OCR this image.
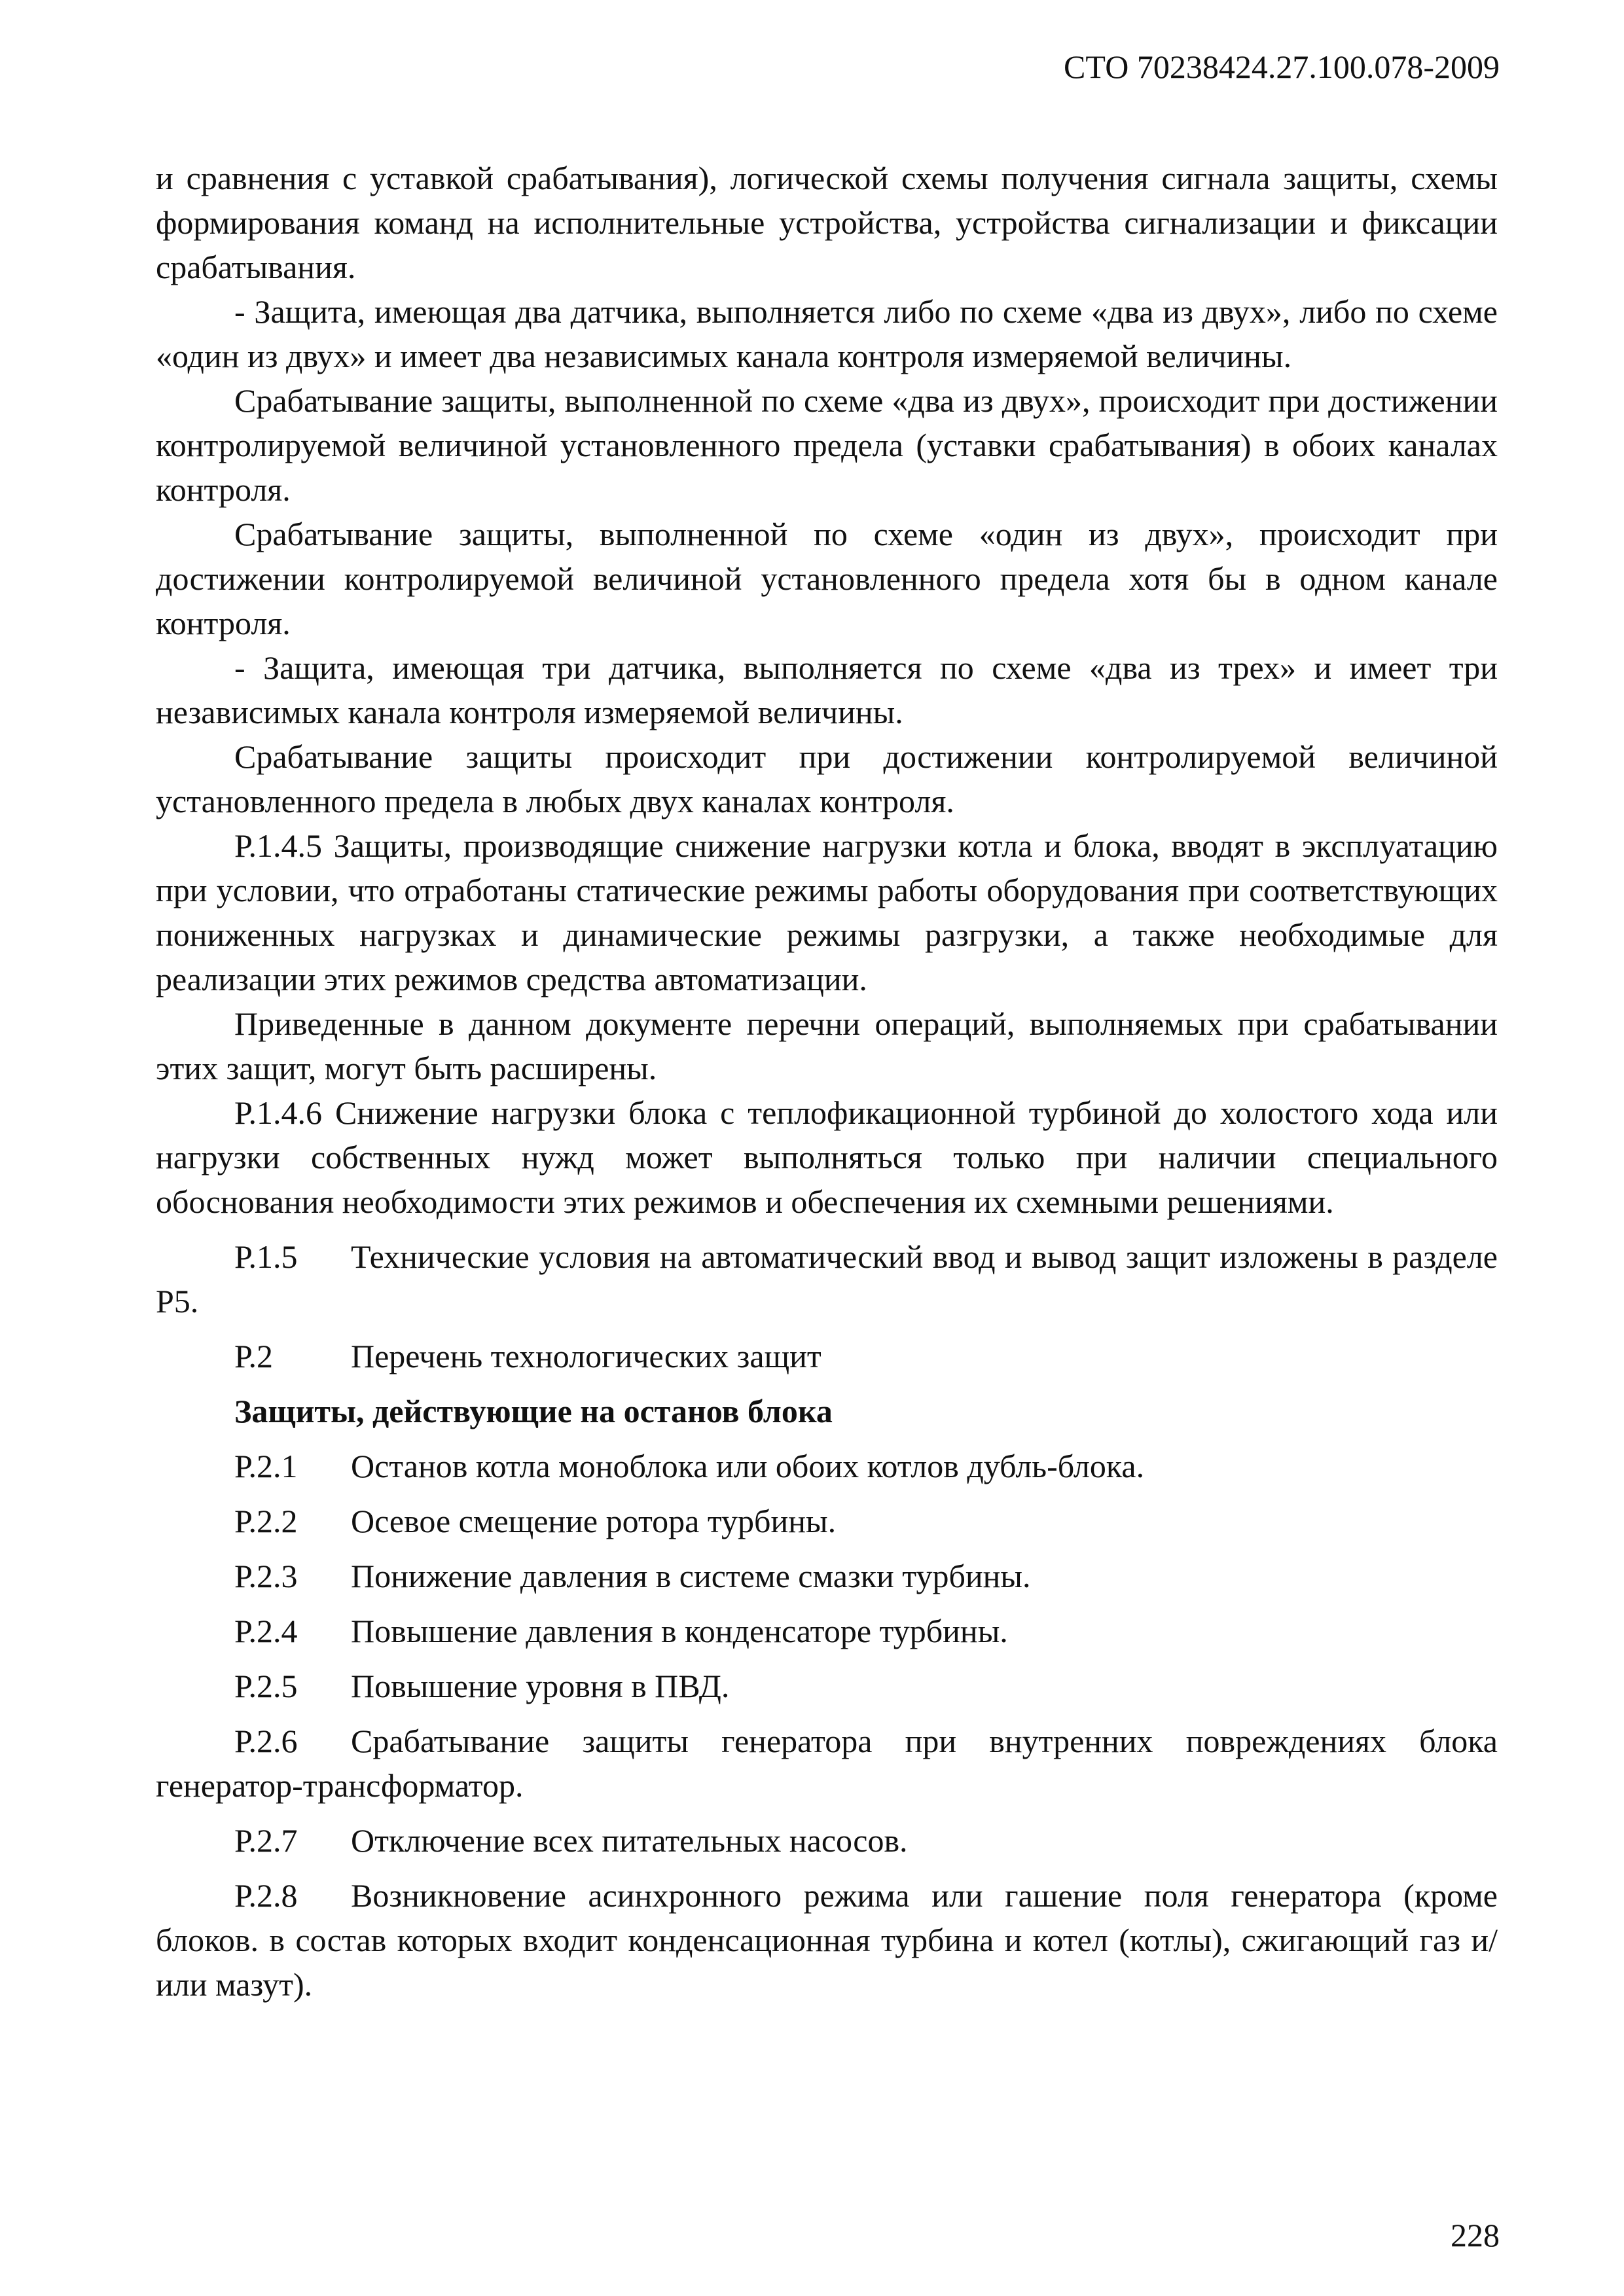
СТО 70238424.27.100.078-2009

и сравнения с уставкой срабатывания), логической схемы получения сигнала защиты, схемы формирования команд на исполнительные устройства, устройства сигнализации и фиксации срабатывания.

- Защита, имеющая два датчика, выполняется либо по схеме «два из двух», либо по схеме «один из двух» и имеет два независимых канала контроля измеряемой величины.

Срабатывание защиты, выполненной по схеме «два из двух», происходит при достижении контролируемой величиной установленного предела (уставки срабатывания) в обоих каналах контроля.

Срабатывание защиты, выполненной по схеме «один из двух», происходит при достижении контролируемой величиной установленного предела хотя бы в одном канале контроля.

- Защита, имеющая три датчика, выполняется по схеме «два из трех» и имеет три независимых канала контроля измеряемой величины.

Срабатывание защиты происходит при достижении контролируемой величиной установленного предела в любых двух каналах контроля.

Р.1.4.5 Защиты, производящие снижение нагрузки котла и блока, вводят в эксплуатацию при условии, что отработаны статические режимы работы оборудования при соответствующих пониженных нагрузках и динамические режимы разгрузки, а также необходимые для реализации этих режимов средства автоматизации.

Приведенные в данном документе перечни операций, выполняемых при срабатывании этих защит, могут быть расширены.

Р.1.4.6 Снижение нагрузки блока с теплофикационной турбиной до холостого хода или нагрузки собственных нужд может выполняться только при наличии специального обоснования необходимости этих режимов и обеспечения их схемными решениями.

Р.1.5 Технические условия на автоматический ввод и вывод защит изложены в разделе Р5.

Р.2 Перечень технологических защит

Защиты, действующие на останов блока

Р.2.1 Останов котла моноблока или обоих котлов дубль-блока.

Р.2.2 Осевое смещение ротора турбины.

Р.2.3 Понижение давления в системе смазки турбины.

Р.2.4 Повышение давления в конденсаторе турбины.

Р.2.5 Повышение уровня в ПВД.

Р.2.6 Срабатывание защиты генератора при внутренних повреждениях блока генератор-трансформатор.

Р.2.7 Отключение всех питательных насосов.

Р.2.8 Возникновение асинхронного режима или гашение поля генератора (кроме блоков. в состав которых входит конденсационная турбина и котел (котлы), сжигающий газ и/или мазут).

228
